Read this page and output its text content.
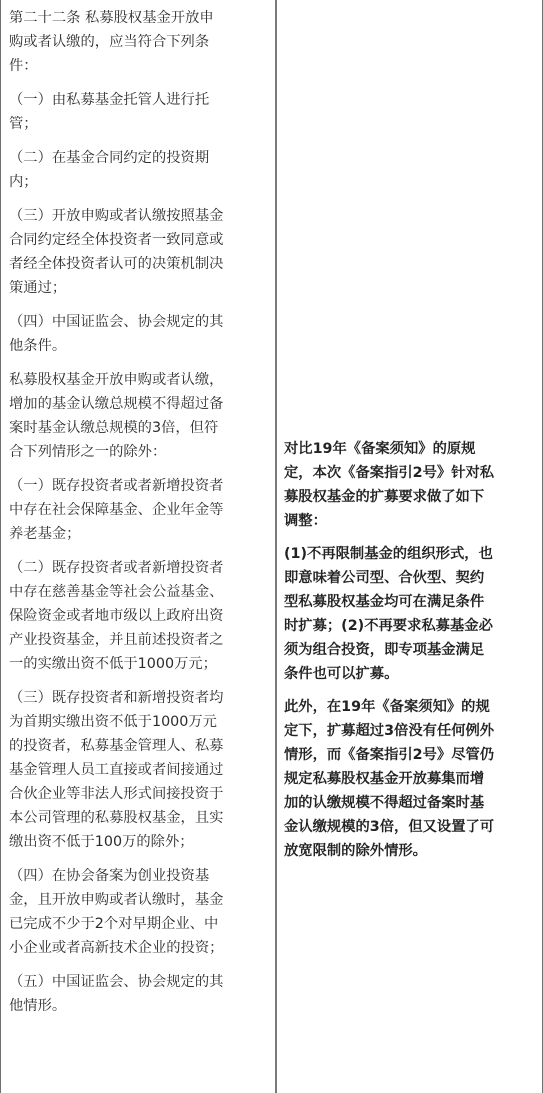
第二十二条 私募股权基金开放申
购或者认缴的，应当符合下列条
件：

（一）由私募基金托管人进行托
管；

（二）在基金合同约定的投资期
内；

（三）开放申购或者认缴按照基金
合同约定经全体投资者一致同意或
者经全体投资者认可的决策机制决
策通过；

（四）中国证监会、协会规定的其
他条件。

私募股权基金开放申购或者认缴，
增加的基金认缴总规模不得超过备
案时基金认缴总规模的3倍，但符
合下列情形之一的除外：

（一）既存投资者或者新增投资者
中存在社会保障基金、企业年金等
养老基金；

（二）既存投资者或者新增投资者
中存在慈善基金等社会公益基金、
保险资金或者地市级以上政府出资
产业投资基金，并且前述投资者之
一的实缴出资不低于1000万元；

（三）既存投资者和新增投资者均
为首期实缴出资不低于1000万元
的投资者，私募基金管理人、私募
基金管理人员工直接或者间接通过
合伙企业等非法人形式间接投资于
本公司管理的私募股权基金，且实
缴出资不低于100万的除外；

（四）在协会备案为创业投资基
金，且开放申购或者认缴时，基金
已完成不少于2个对早期企业、中
小企业或者高新技术企业的投资；

（五）中国证监会、协会规定的其
他情形。

对比19年《备案须知》的原规
定，本次《备案指引2号》针对私
募股权基金的扩募要求做了如下
调整：

(1)不再限制基金的组织形式，也
即意味着公司型、合伙型、契约
型私募股权基金均可在满足条件
时扩募；(2)不再要求私募基金必
须为组合投资，即专项基金满足
条件也可以扩募。

此外，在19年《备案须知》的规
定下，扩募超过3倍没有任何例外
情形，而《备案指引2号》尽管仍
规定私募股权基金开放募集而增
加的认缴规模不得超过备案时基
金认缴规模的3倍，但又设置了可
放宽限制的除外情形。
